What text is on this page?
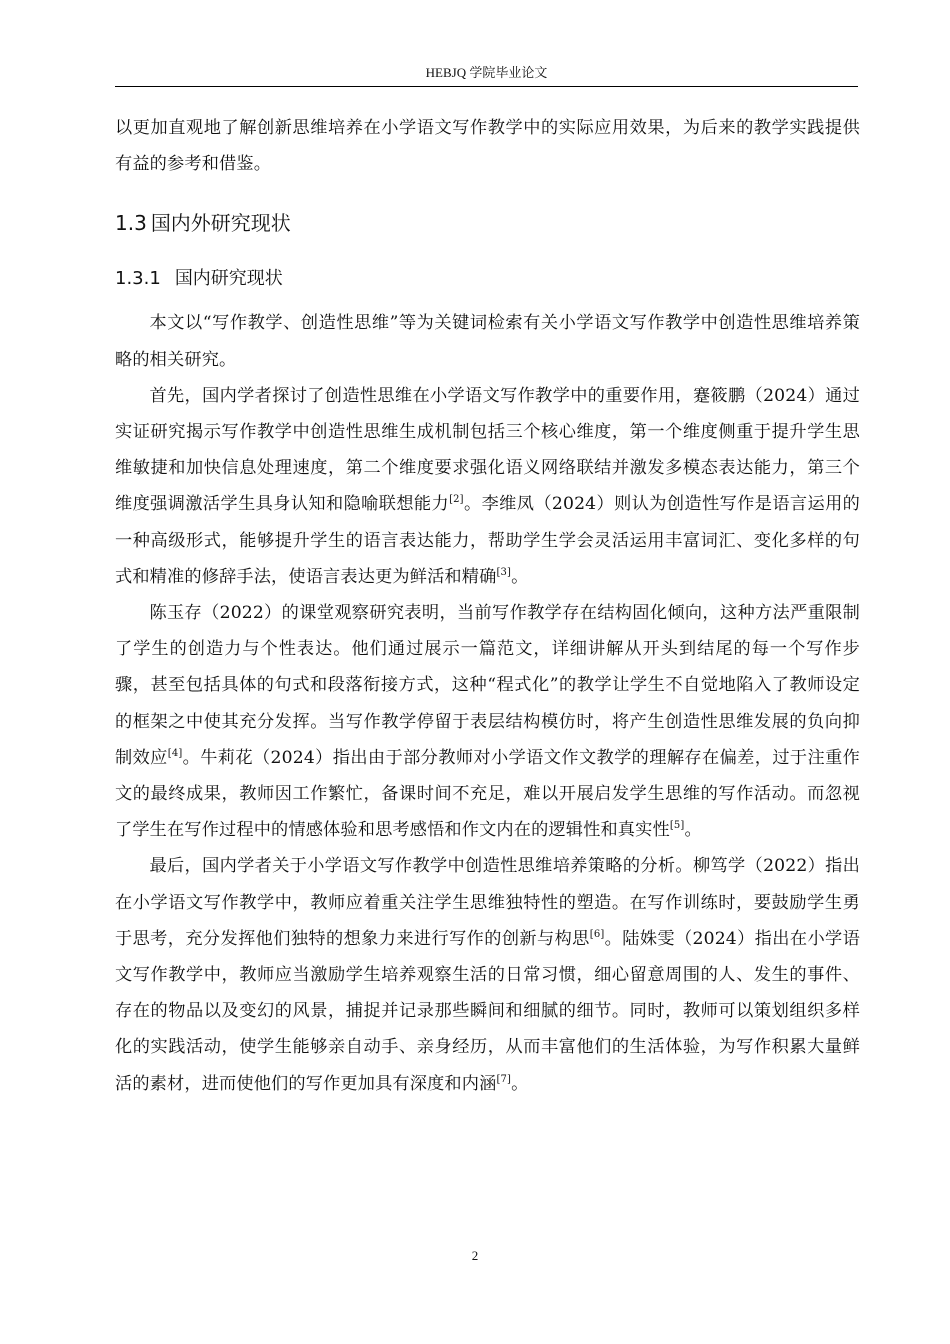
HEBJQ 学院毕业论文

以更加直观地了解创新思维培养在小学语文写作教学中的实际应用效果，为后来的教学实践提供有益的参考和借鉴。

1.3 国内外研究现状
1.3.1 国内研究现状

本文以“写作教学、创造性思维”等为关键词检索有关小学语文写作教学中创造性思维培养策略的相关研究。

首先，国内学者探讨了创造性思维在小学语文写作教学中的重要作用，蹇筱鹏（2024）通过实证研究揭示写作教学中创造性思维生成机制包括三个核心维度，第一个维度侧重于提升学生思维敏捷和加快信息处理速度，第二个维度要求强化语义网络联结并激发多模态表达能力，第三个维度强调激活学生具身认知和隐喻联想能力[2]。李维凤（2024）则认为创造性写作是语言运用的一种高级形式，能够提升学生的语言表达能力，帮助学生学会灵活运用丰富词汇、变化多样的句式和精准的修辞手法，使语言表达更为鲜活和精确[3]。

陈玉存（2022）的课堂观察研究表明，当前写作教学存在结构固化倾向，这种方法严重限制了学生的创造力与个性表达。他们通过展示一篇范文，详细讲解从开头到结尾的每一个写作步骤，甚至包括具体的句式和段落衔接方式，这种“程式化”的教学让学生不自觉地陷入了教师设定的框架之中使其充分发挥。当写作教学停留于表层结构模仿时，将产生创造性思维发展的负向抑制效应[4]。牛莉花（2024）指出由于部分教师对小学语文作文教学的理解存在偏差，过于注重作文的最终成果，教师因工作繁忙，备课时间不充足，难以开展启发学生思维的写作活动。而忽视了学生在写作过程中的情感体验和思考感悟和作文内在的逻辑性和真实性[5]。

最后，国内学者关于小学语文写作教学中创造性思维培养策略的分析。柳笃学（2022）指出在小学语文写作教学中，教师应着重关注学生思维独特性的塑造。在写作训练时，要鼓励学生勇于思考，充分发挥他们独特的想象力来进行写作的创新与构思[6]。陆姝雯（2024）指出在小学语文写作教学中，教师应当激励学生培养观察生活的日常习惯，细心留意周围的人、发生的事件、存在的物品以及变幻的风景，捕捉并记录那些瞬间和细腻的细节。同时，教师可以策划组织多样化的实践活动，使学生能够亲自动手、亲身经历，从而丰富他们的生活体验，为写作积累大量鲜活的素材，进而使他们的写作更加具有深度和内涵[7]。

2
